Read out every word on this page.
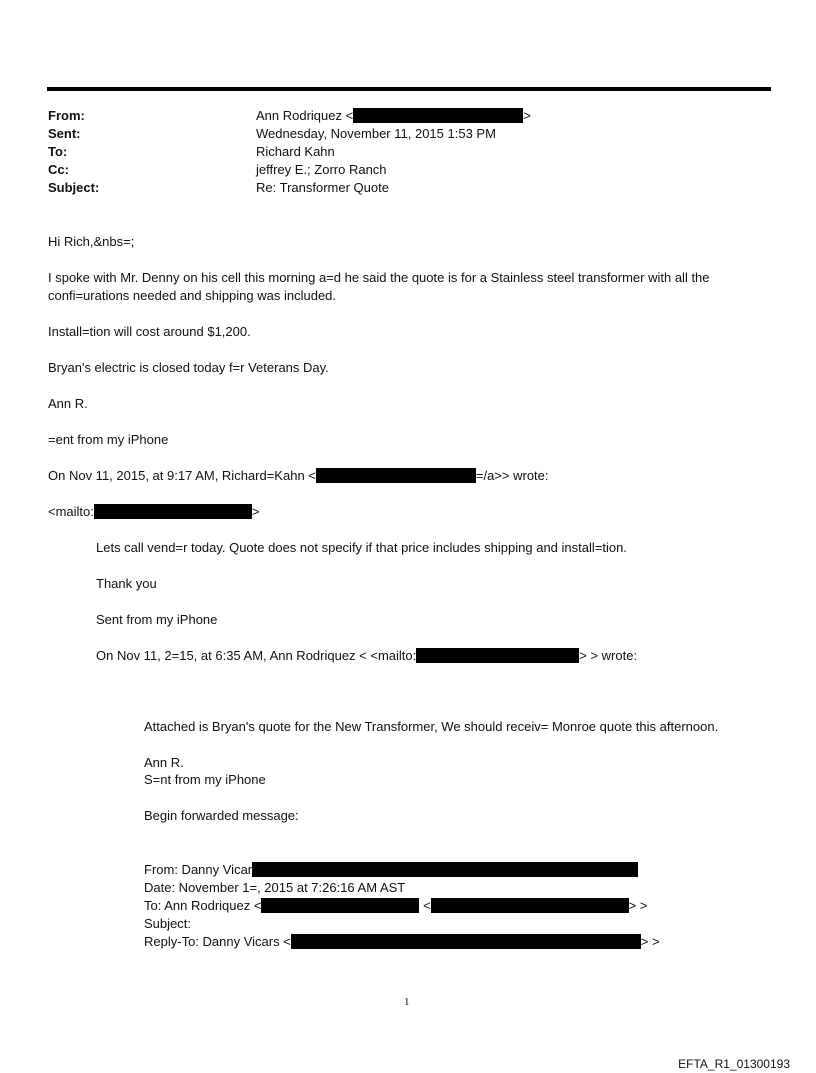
From:	Ann Rodriquez <	>
Sent:	Wednesday, November 11, 2015 1:53 PM
To:	Richard Kahn
Cc:	jeffrey E.; Zorro Ranch
Subject:	Re: Transformer Quote
Hi Rich,&nbs=;
I spoke with Mr. Denny on his cell this morning a=d he said the quote is for a Stainless steel transformer with all the
confi=urations needed and shipping was included.
Install=tion will cost around $1,200.
Bryan's electric is closed today f=r Veterans Day.
Ann R.
=ent from my iPhone
On Nov 11, 2015, at 9:17 AM, Richard=Kahn <	=/a>> wrote:
<mailto:	>
Lets call vend=r today. Quote does not specify if that price includes shipping and install=tion.
Thank you
Sent from my iPhone
On Nov 11, 2=15, at 6:35 AM, Ann Rodriquez < <mailto:	> > wrote:
Attached is Bryan's quote for the New Transformer, We should receiv= Monroe quote this afternoon.
Ann R.
S=nt from my iPhone
Begin forwarded message:
From: Danny Vicar
Date: November 1=, 2015 at 7:26:16 AM AST
To: Ann Rodriquez <	<	> >
Subject:
Reply-To: Danny Vicars <	> >
1
EFTA_R1_01300193
